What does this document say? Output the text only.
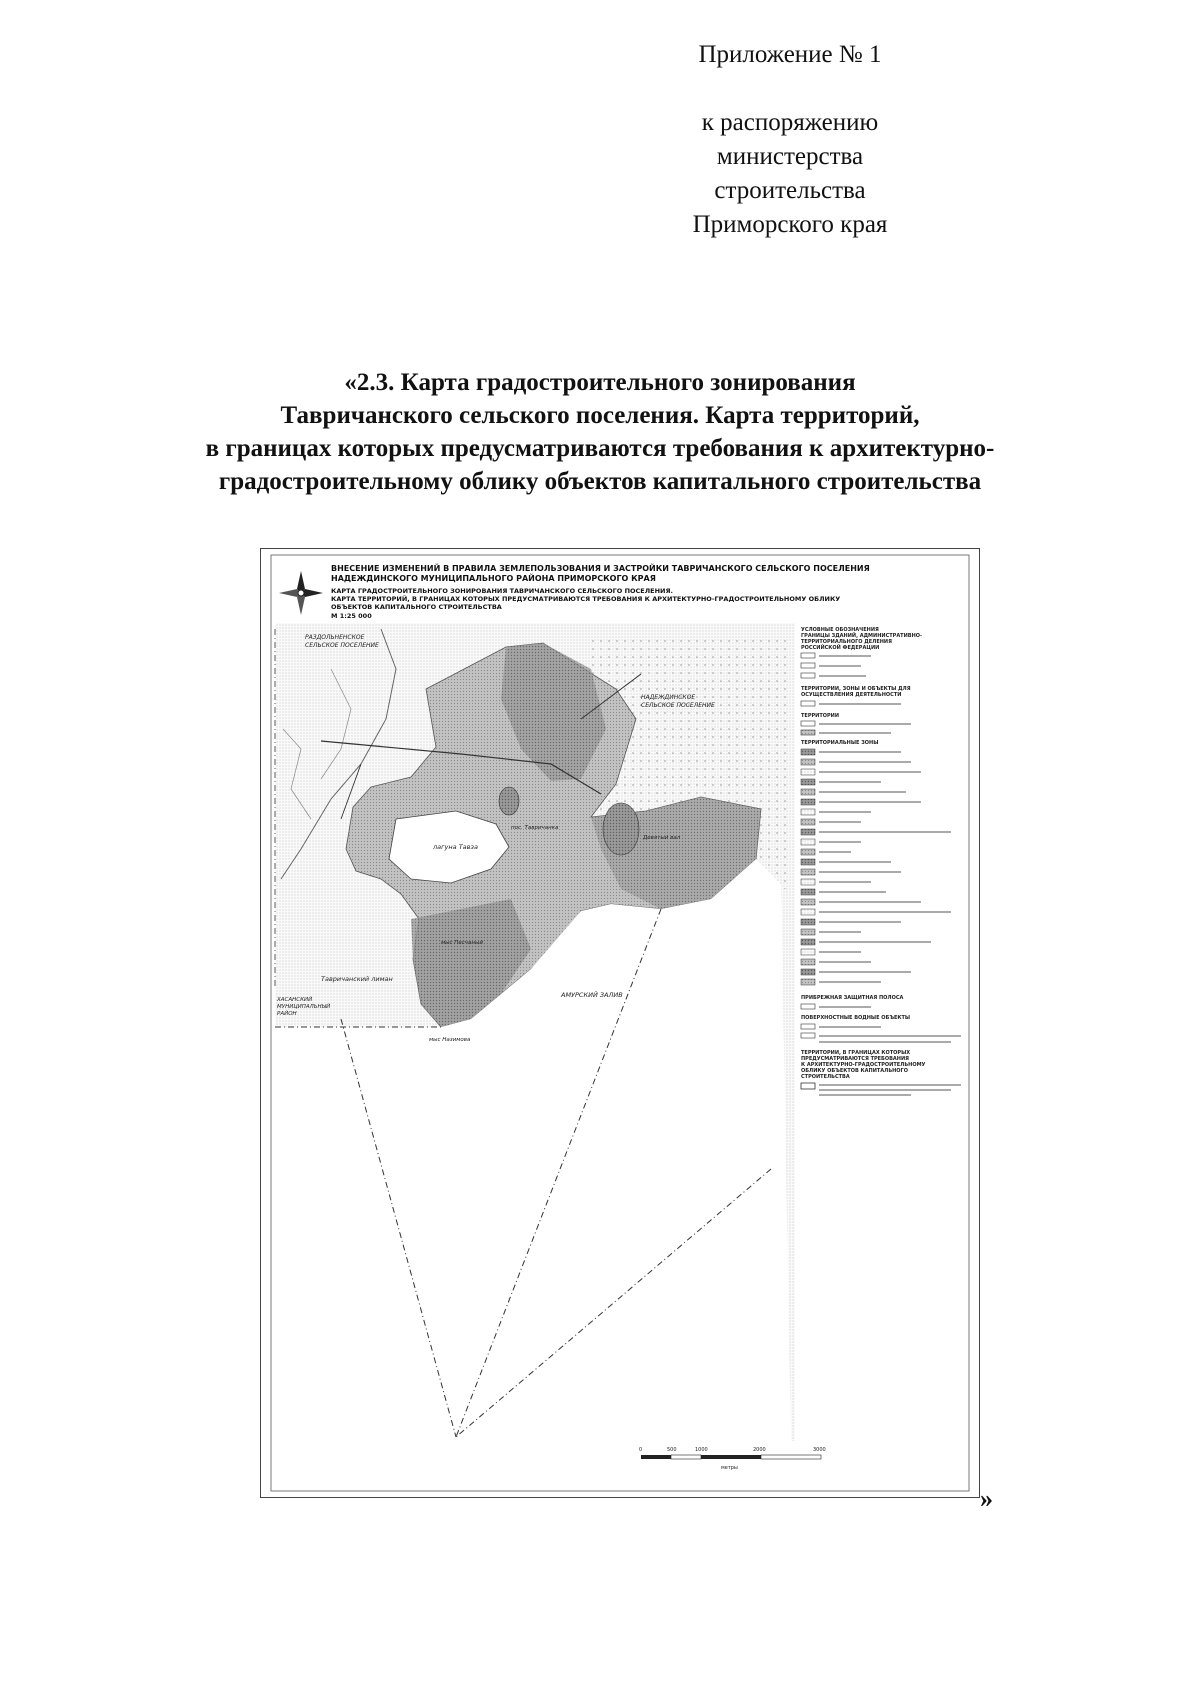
Приложение № 1
к распоряжению
министерства строительства
Приморского края
«2.3. Карта градостроительного зонирования
Тавричанского сельского поселения. Карта территорий,
в границах которых предусматриваются требования к архитектурно-
градостроительному облику объектов капитального строительства
ВНЕСЕНИЕ ИЗМЕНЕНИЙ В ПРАВИЛА ЗЕМЛЕПОЛЬЗОВАНИЯ И ЗАСТРОЙКИ ТАВРИЧАНСКОГО СЕЛЬСКОГО ПОСЕЛЕНИЯ
НАДЕЖДИНСКОГО МУНИЦИПАЛЬНОГО РАЙОНА ПРИМОРСКОГО КРАЯ
КАРТА ГРАДОСТРОИТЕЛЬНОГО ЗОНИРОВАНИЯ ТАВРИЧАНСКОГО СЕЛЬСКОГО ПОСЕЛЕНИЯ.
КАРТА ТЕРРИТОРИЙ, В ГРАНИЦАХ КОТОРЫХ ПРЕДУСМАТРИВАЮТСЯ ТРЕБОВАНИЯ К АРХИТЕКТУРНО-ГРАДОСТРОИТЕЛЬНОМУ ОБЛИКУ
ОБЪЕКТОВ КАПИТАЛЬНОГО СТРОИТЕЛЬСТВА
М 1:25 000
РАЗДОЛЬНЕНСКОЕ
СЕЛЬСКОЕ ПОСЕЛЕНИЕ
НАДЕЖДИНСКОЕ
СЕЛЬСКОЕ ПОСЕЛЕНИЕ
лагуна Тавза
Тавричанский лиман
АМУРСКИЙ ЗАЛИВ
ХАСАНСКИЙ
МУНИЦИПАЛЬНЫЙ
РАЙОН
пос. Тавричанка
Девятый вал
мыс Песчаный
мыс Назимова
УСЛОВНЫЕ ОБОЗНАЧЕНИЯ
ГРАНИЦЫ ЗДАНИЙ, АДМИНИСТРАТИВНО-
ТЕРРИТОРИАЛЬНОГО ДЕЛЕНИЯ
РОССИЙСКОЙ ФЕДЕРАЦИИ
ТЕРРИТОРИИ, ЗОНЫ И ОБЪЕКТЫ ДЛЯ
ОСУЩЕСТВЛЕНИЯ ДЕЯТЕЛЬНОСТИ
ТЕРРИТОРИИ
ТЕРРИТОРИАЛЬНЫЕ ЗОНЫ
ПРИБРЕЖНАЯ ЗАЩИТНАЯ ПОЛОСА
ПОВЕРХНОСТНЫЕ ВОДНЫЕ ОБЪЕКТЫ
ТЕРРИТОРИИ, В ГРАНИЦАХ КОТОРЫХ
ПРЕДУСМАТРИВАЮТСЯ ТРЕБОВАНИЯ
К АРХИТЕКТУРНО-ГРАДОСТРОИТЕЛЬНОМУ
ОБЛИКУ ОБЪЕКТОВ КАПИТАЛЬНОГО
СТРОИТЕЛЬСТВА
0	500	1000	2000	3000
метры
»
